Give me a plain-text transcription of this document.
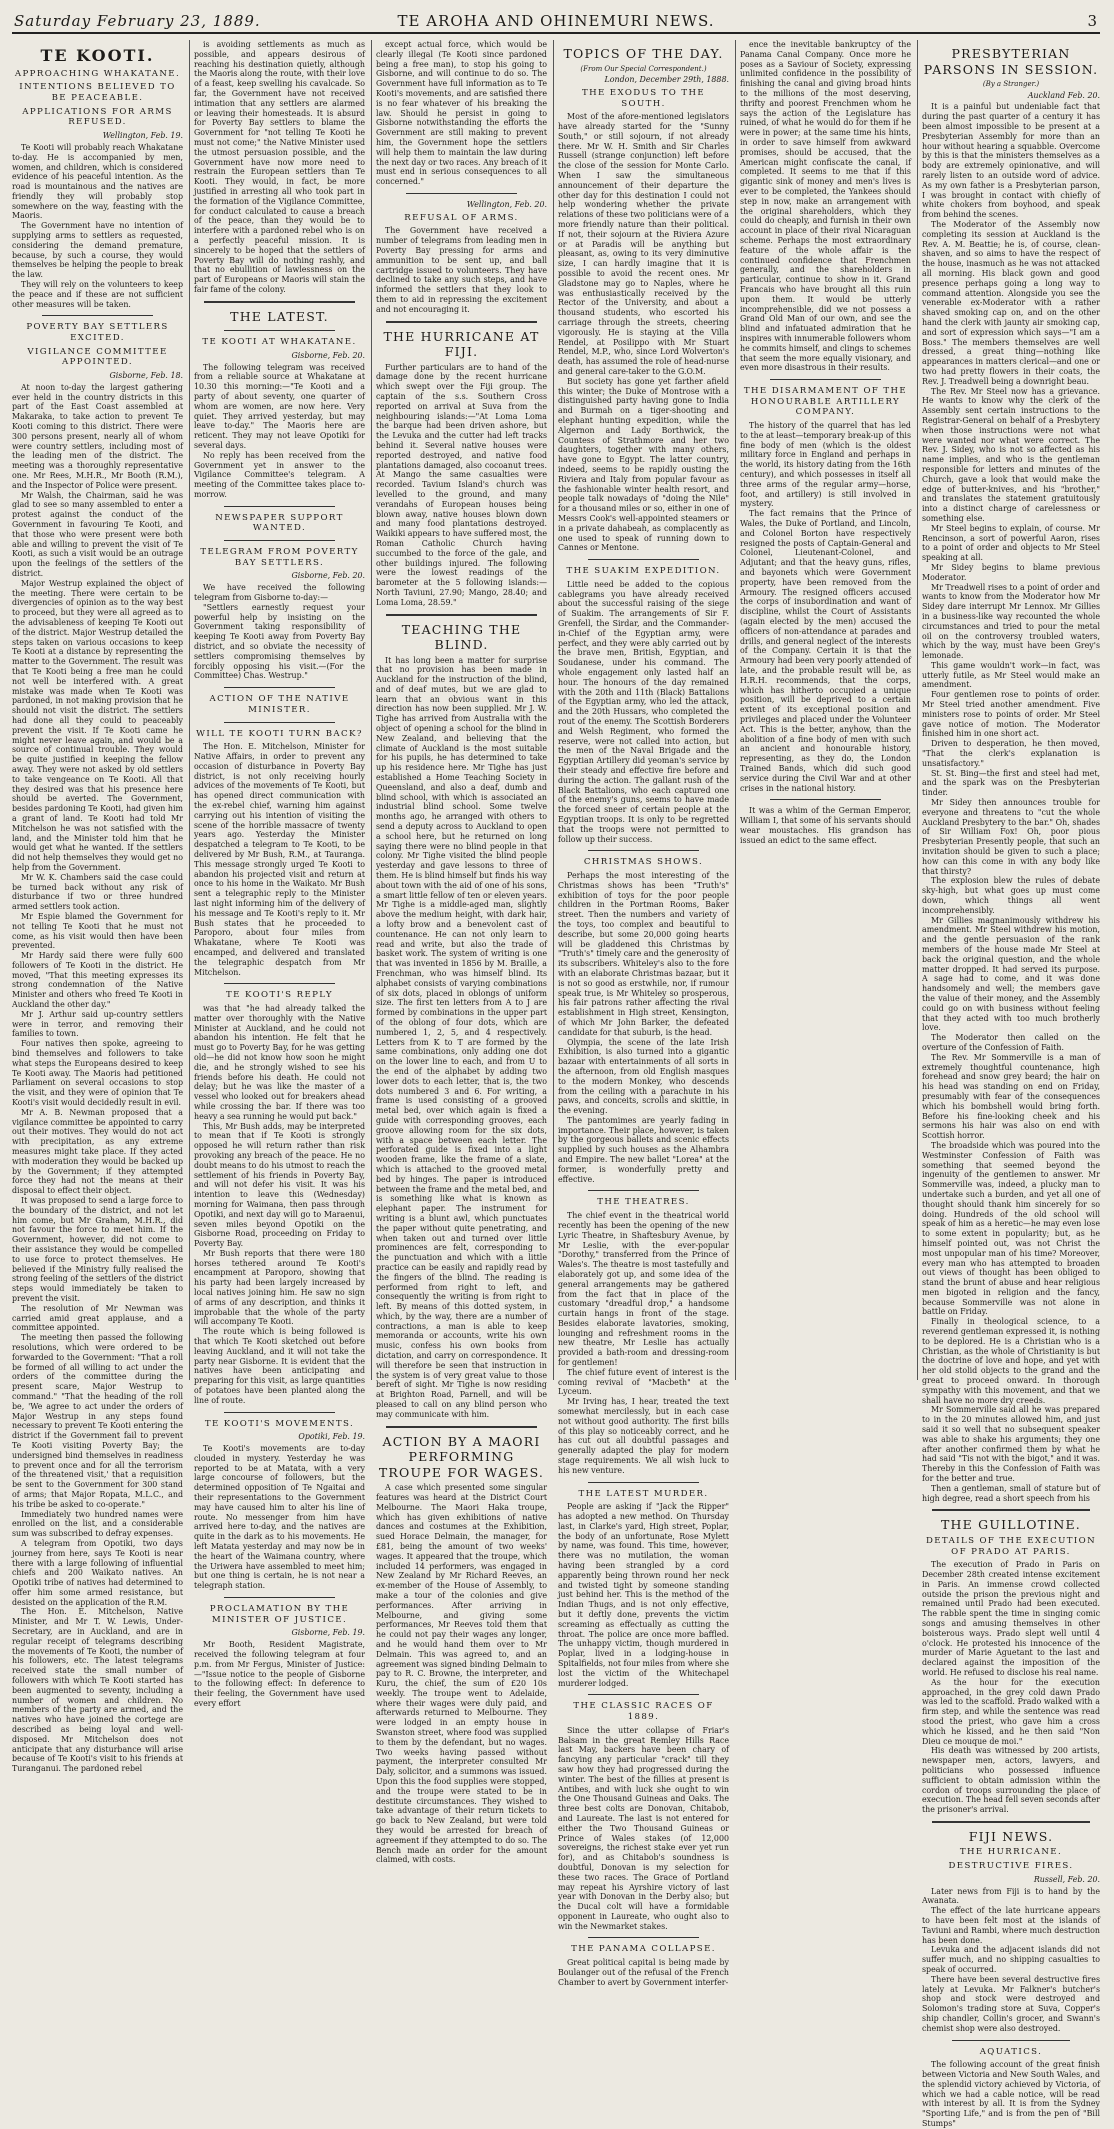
Saturday February 23, 1889.	TE AROHA AND OHINEMURI NEWS.	3

TE KOOTI.

APPROACHING WHAKATANE.

INTENTIONS BELIEVED TO BE PEACEABLE.

APPLICATIONS FOR ARMS REFUSED.

Wellington, Feb. 19.

Te Kooti will probably reach Whakatane to-day. He is accompanied by men, women, and children, which is considered evidence of his peaceful intention. As the road is mountainous and the natives are friendly they will probably stop somewhere on the way, feasting with the Maoris.

The Government have no intention of supplying arms to settlers as requested, considering the demand premature, because, by such a course, they would themselves be helping the people to break the law.

They will rely on the volunteers to keep the peace and if these are not sufficient other measures will be taken.

POVERTY BAY SETTLERS EXCITED.

VIGILANCE COMMITTEE APPOINTED.

Gisborne, Feb. 18.

At noon to-day the largest gathering ever held in the country districts in this part of the East Coast assembled at Makaraka, to take action to prevent Te Kooti coming to this district. There were 300 persons present, nearly all of whom were country settlers, including most of the leading men of the district. The meeting was a thoroughly representative one. Mr Rees, M.H.R., Mr Booth (R.M.), and the Inspector of Police were present.

Mr Walsh, the Chairman, said he was glad to see so many assembled to enter a protest against the conduct of the Government in favouring Te Kooti, and that those who were present were both able and willing to prevent the visit of Te Kooti, as such a visit would be an outrage upon the feelings of the settlers of the district.

Major Westrup explained the object of the meeting. There were certain to be divergencies of opinion as to the way best to proceed, but they were all agreed as to the advisableness of keeping Te Kooti out of the district. Major Westrup detailed the steps taken on various occasions to keep Te Kooti at a distance by representing the matter to the Government. The result was that Te Kooti being a free man he could not well be interfered with. A great mistake was made when Te Kooti was pardoned, in not making provision that he should not visit the district. The settlers had done all they could to peaceably prevent the visit. If Te Kooti came he might never leave again, and would be a source of continual trouble. They would be quite justified in keeping the fellow away. They were not asked by old settlers to take vengeance on Te Kooti. All that they desired was that his presence here should be averted. The Government, besides pardoning Te Kooti, had given him a grant of land. Te Kooti had told Mr Mitchelson he was not satisfied with the land, and the Minister told him that he would get what he wanted. If the settlers did not help themselves they would get no help from the Government.

Mr W. K. Chambers said the case could be turned back without any risk of disturbance if two or three hundred armed settlers took action.

Mr Espie blamed the Government for not telling Te Kooti that he must not come, as his visit would then have been prevented.

Mr Hardy said there were fully 600 followers of Te Kooti in the district. He moved, "That this meeting expresses its strong condemnation of the Native Minister and others who freed Te Kooti in Auckland the other day."

Mr J. Arthur said up-country settlers were in terror, and removing their families to town.

Four natives then spoke, agreeing to bind themselves and followers to take what steps the Europeans desired to keep Te Kooti away. The Maoris had petitioned Parliament on several occasions to stop the visit, and they were of opinion that Te Kooti's visit would decidedly result in evil.

Mr A. B. Newman proposed that a vigilance committee be appointed to carry out their motives. They would do not act with precipitation, as any extreme measures might take place. If they acted with moderation they would be backed up by the Government; if they attempted force they had not the means at their disposal to effect their object.

It was proposed to send a large force to the boundary of the district, and not let him come, but Mr Graham, M.H.R., did not favour the force to meet him. If the Government, however, did not come to their assistance they would be compelled to use force to protect themselves. He believed if the Ministry fully realised the strong feeling of the settlers of the district steps would immediately be taken to prevent the visit.

The resolution of Mr Newman was carried amid great applause, and a committee appointed.

The meeting then passed the following resolutions, which were ordered to be forwarded to the Government: "That a roll be formed of all willing to act under the orders of the committee during the present scare, Major Westrup to command." "That the heading of the roll be, 'We agree to act under the orders of Major Westrup in any steps found necessary to prevent Te Kooti entering the district if the Government fail to prevent Te Kooti visiting Poverty Bay; the undersigned bind themselves in readiness to prevent once and for all the terrorism of the threatened visit,' that a requisition be sent to the Government for 300 stand of arms; that Major Ropata, M.L.C., and his tribe be asked to co-operate."

Immediately two hundred names were enrolled on the list, and a considerable sum was subscribed to defray expenses.

A telegram from Opotiki, two days journey from here, says Te Kooti is near there with a large following of influential chiefs and 200 Waikato natives. An Opotiki tribe of natives had determined to offer him some armed resistance, but desisted on the application of the R.M.

The Hon. E. Mitchelson, Native Minister, and Mr T. W. Lewis, Under-Secretary, are in Auckland, and are in regular receipt of telegrams describing the movements of Te Kooti, the number of his followers, etc. The latest telegrams received state the small number of followers with which Te Kooti started has been augmented to seventy, including a number of women and children. No members of the party are armed, and the natives who have joined the cortege are described as being loyal and well-disposed. Mr Mitchelson does not anticipate that any disturbance will arise because of Te Kooti's visit to his friends at Turanganui. The pardoned rebel

is avoiding settlements as much as possible, and appears desirous of reaching his destination quietly, although the Maoris along the route, with their love of a feast, keep swelling his cavalcade. So far, the Government have not received intimation that any settlers are alarmed or leaving their homesteads. It is absurd for Poverty Bay settlers to blame the Government for "not telling Te Kooti he must not come;" the Native Minister used the utmost persuasion possible, and the Government have now more need to restrain the European settlers than Te Kooti. They would, in fact, be more justified in arresting all who took part in the formation of the Vigilance Committee, for conduct calculated to cause a breach of the peace, than they would be to interfere with a pardoned rebel who is on a perfectly peaceful mission. It is sincerely to be hoped that the settlers of Poverty Bay will do nothing rashly, and that no ebullition of lawlessness on the part of Europeans or Maoris will stain the fair fame of the colony.

THE LATEST.

TE KOOTI AT WHAKATANE.

Gisborne, Feb. 20.

The following telegram was received from a reliable source at Whakatane at 10.30 this morning:—"Te Kooti and a party of about seventy, one quarter of whom are women, are now here. Very quiet. They arrived yesterday, but may leave to-day." The Maoris here are reticent. They may not leave Opotiki for several days.

No reply has been received from the Government yet in answer to the Vigilance Committee's telegram. A meeting of the Committee takes place to-morrow.

NEWSPAPER SUPPORT WANTED.

TELEGRAM FROM POVERTY BAY SETTLERS.

Gisborne, Feb. 20.

We have received the following telegram from Gisborne to-day:—

"Settlers earnestly request your powerful help by insisting on the Government taking responsibility of keeping Te Kooti away from Poverty Bay district, and so obviate the necessity of settlers compromising themselves by forcibly opposing his visit.—(For the Committee) Chas. Westrup."

ACTION OF THE NATIVE MINISTER.

WILL TE KOOTI TURN BACK?

The Hon. E. Mitchelson, Minister for Native Affairs, in order to prevent any occasion of disturbance in Poverty Bay district, is not only receiving hourly advices of the movements of Te Kooti, but has opened direct communication with the ex-rebel chief, warning him against carrying out his intention of visiting the scene of the horrible massacre of twenty years ago. Yesterday the Minister despatched a telegram to Te Kooti, to be delivered by Mr Bush, R.M., at Tauranga. This message strongly urged Te Kooti to abandon his projected visit and return at once to his home in the Waikato. Mr Bush sent a telegraphic reply to the Minister last night informing him of the delivery of his message and Te Kooti's reply to it. Mr Bush states that he proceeded to Paroporo, about four miles from Whakatane, where Te Kooti was encamped, and delivered and translated the telegraphic despatch from Mr Mitchelson.

TE KOOTI'S REPLY

was that "he had already talked the matter over thoroughly with the Native Minister at Auckland, and he could not abandon his intention. He felt that he must go to Poverty Bay, for he was getting old—he did not know how soon he might die, and he strongly wished to see his friends before his death. He could not delay; but he was like the master of a vessel who looked out for breakers ahead while crossing the bar. If there was too heavy a sea running he would put back."

This, Mr Bush adds, may be interpreted to mean that if Te Kooti is strongly opposed he will return rather than risk provoking any breach of the peace. He no doubt means to do his utmost to reach the settlement of his friends in Poverty Bay, and will not defer his visit. It was his intention to leave this (Wednesday) morning for Waimana, then pass through Opotiki, and next day will go to Maraenui, seven miles beyond Opotiki on the Gisborne Road, proceeding on Friday to Poverty Bay.

Mr Bush reports that there were 180 horses tethered around Te Kooti's encampment at Paroporo, showing that his party had been largely increased by local natives joining him. He saw no sign of arms of any description, and thinks it improbable that the whole of the party will accompany Te Kooti.

The route which is being followed is that which Te Kooti sketched out before leaving Auckland, and it will not take the party near Gisborne. It is evident that the natives have been anticipating and preparing for this visit, as large quantities of potatoes have been planted along the line of route.

TE KOOTI'S MOVEMENTS.

Opotiki, Feb. 19.

Te Kooti's movements are to-day clouded in mystery. Yesterday he was reported to be at Matata, with a very large concourse of followers, but the determined opposition of Te Ngaitai and their representations to the Government may have caused him to alter his line of route. No messenger from him have arrived here to-day, and the natives are quite in the dark as to his movements. He left Matata yesterday and may now be in the heart of the Waimana country, where the Uriwera have assembled to meet him; but one thing is certain, he is not near a telegraph station.

PROCLAMATION BY THE MINISTER OF JUSTICE.

Gisborne, Feb. 19.

Mr Booth, Resident Magistrate, received the following telegram at four p.m. from Mr Fergus, Minister of Justice:—"Issue notice to the people of Gisborne to the following effect: In deference to their feeling, the Government have used every effort

except actual force, which would be clearly illegal (Te Kooti since pardoned being a free man), to stop his going to Gisborne, and will continue to do so. The Government have full information as to Te Kooti's movements, and are satisfied there is no fear whatever of his breaking the law. Should he persist in going to Gisborne notwithstanding the efforts the Government are still making to prevent him, the Government hope the settlers will help them to maintain the law during the next day or two races. Any breach of it must end in serious consequences to all concerned."

Wellington, Feb. 20.

REFUSAL OF ARMS.

The Government have received a number of telegrams from leading men in Poverty Bay pressing for arms and ammunition to be sent up, and ball cartridge issued to volunteers. They have declined to take any such steps, and have informed the settlers that they look to them to aid in repressing the excitement and not encouraging it.

THE HURRICANE AT FIJI.

Further particulars are to hand of the damage done by the recent hurricane which swept over the Fiji group. The captain of the s.s. Southern Cross reported on arrival at Suva from the neighbouring islands:—"At Loma Loma the barque had been driven ashore, but the Levuka and the cutter had left tracks behind it. Several native houses were reported destroyed, and native food plantations damaged, also cocoanut trees. At Mango the same casualties were recorded. Tavium Island's church was levelled to the ground, and many verandahs of European houses being blown away, native houses blown down and many food plantations destroyed. Waikiki appears to have suffered most, the Roman Catholic Church having succumbed to the force of the gale, and other buildings injured. The following were the lowest readings of the barometer at the 5 following islands:—North Taviuni, 27.90; Mango, 28.40; and Loma Loma, 28.59."

TEACHING THE BLIND.

It has long been a matter for surprise that no provision has been made in Auckland for the instruction of the blind, and of deaf mutes, but we are glad to learn that an obvious want in this direction has now been supplied. Mr J. W. Tighe has arrived from Australia with the object of opening a school for the blind in New Zealand, and believing that the climate of Auckland is the most suitable for his pupils, he has determined to take up his residence here. Mr Tighe has just established a Home Teaching Society in Queensland, and also a deaf, dumb and blind school, with which is associated an industrial blind school. Some twelve months ago, he arranged with others to send a deputy across to Auckland to open a school here, but he returned on long saying there were no blind people in that colony. Mr Tighe visited the blind people yesterday and gave lessons to three of them. He is blind himself but finds his way about town with the aid of one of his sons, a smart little fellow of ten or eleven years. Mr Tighe is a middle-aged man, slightly above the medium height, with dark hair, a lofty brow and a benevolent cast of countenance. He can not only learn to read and write, but also the trade of basket work. The system of writing is one that was invented in 1856 by M. Braille, a Frenchman, who was himself blind. Its alphabet consists of varying combinations of six dots, placed in oblongs of uniform size. The first ten letters from A to J are formed by combinations in the upper part of the oblong of four dots, which are numbered 1, 2, 5, and 4 respectively. Letters from K to T are formed by the same combinations, only adding one dot on the lower line to each, and from U to the end of the alphabet by adding two lower dots to each letter, that is, the two dots numbered 3 and 6. For writing, a frame is used consisting of a grooved metal bed, over which again is fixed a guide with corresponding grooves, each groove allowing room for the six dots, with a space between each letter. The perforated guide is fixed into a light wooden frame, like the frame of a slate, which is attached to the grooved metal bed by hinges. The paper is introduced between the frame and the metal bed, and is something like what is known as elephant paper. The instrument for writing is a blunt awl, which punctuates the paper without quite penetrating, and when taken out and turned over little prominences are felt, corresponding to the punctuation and which with a little practice can be easily and rapidly read by the fingers of the blind. The reading is performed from right to left, and consequently the writing is from right to left. By means of this dotted system, in which, by the way, there are a number of contractions, a man is able to keep memoranda or accounts, write his own music, confess his own books from dictation, and carry on correspondence. It will therefore be seen that instruction in the system is of very great value to those bereft of sight. Mr Tighe is now residing at Brighton Road, Parnell, and will be pleased to call on any blind person who may communicate with him.

ACTION BY A MAORI PERFORMING TROUPE FOR WAGES.

A case which presented some singular features was heard at the District Court Melbourne. The Maori Haka troupe, which has given exhibitions of native dances and costumes at the Exhibition, sued Horace Delmain, the manager, for £81, being the amount of two weeks' wages. It appeared that the troupe, which included 14 performers, was engaged in New Zealand by Mr Richard Reeves, an ex-member of the House of Assembly, to make a tour of the colonies and give performances. After arriving in Melbourne, and giving some performances, Mr Reeves told them that he could not pay their wages any longer, and he would hand them over to Mr Delmain. This was agreed to, and an agreement was signed binding Delmain to pay to R. C. Browne, the interpreter, and Kuru, the chief, the sum of £20 10s weekly. The troupe went to Adelaide, where their wages were duly paid, and afterwards returned to Melbourne. They were lodged in an empty house in Swanston street, where food was supplied to them by the defendant, but no wages. Two weeks having passed without payment, the interpreter consulted Mr Daly, solicitor, and a summons was issued. Upon this the food supplies were stopped, and the troupe were stated to be in destitute circumstances. They wished to take advantage of their return tickets to go back to New Zealand, but were told they would be arrested for breach of agreement if they attempted to do so. The Bench made an order for the amount claimed, with costs.

TOPICS OF THE DAY.

(From Our Special Correspondent.)

London, December 29th, 1888.

THE EXODUS TO THE SOUTH.

Most of the afore-mentioned legislators have already started for the "Sunny South," or still sojourn, if not already there. Mr W. H. Smith and Sir Charles Russell (strange conjunction) left before the close of the session for Monte Carlo. When I saw the simultaneous announcement of their departure the other day for this destination I could not help wondering whether the private relations of these two politicians were of a more friendly nature than their political. If not, their sojourn at the Riviera Azure or at Paradis will be anything but pleasant, as, owing to its very diminutive size, I can hardly imagine that it is possible to avoid the recent ones. Mr Gladstone may go to Naples, where he was enthusiastically received by the Rector of the University, and about a thousand students, who escorted his carriage through the streets, cheering vigorously. He is staying at the Villa Rendel, at Posilippo with Mr Stuart Rendel, M.P., who, since Lord Wolverton's death, has assumed the role of head-nurse and general care-taker to the G.O.M.

But society has gone yet farther afield this winter; the Duke of Montrose with a distinguished party having gone to India and Burmah on a tiger-shooting and elephant hunting expedition, while the Algernon and Lady Borthwick, the Countess of Strathmore and her two daughters, together with many others, have gone to Egypt. The latter country, indeed, seems to be rapidly ousting the Riviera and Italy from popular favour as the fashionable winter health resort, and people talk nowadays of "doing the Nile" for a thousand miles or so, either in one of Messrs Cook's well-appointed steamers or in a private dahabeah, as complacently as one used to speak of running down to Cannes or Mentone.

THE SUAKIM EXPEDITION.

Little need be added to the copious cablegrams you have already received about the successful raising of the siege of Suakim. The arrangements of Sir F. Grenfell, the Sirdar, and the Commander-in-Chief of the Egyptian army, were perfect, and they were ably carried out by the brave men, British, Egyptian, and Soudanese, under his command. The whole engagement only lasted half an hour. The honours of the day remained with the 20th and 11th (Black) Battalions of the Egyptian army, who led the attack, and the 20th Hussars, who completed the rout of the enemy. The Scottish Borderers and Welsh Regiment, who formed the reserve, were not called into action, but the men of the Naval Brigade and the Egyptian Artillery did yeoman's service by their steady and effective fire before and during the action. The gallant rush of the Black Battalions, who each captured one of the enemy's guns, seems to have made the forced sneer of certain people at the Egyptian troops. It is only to be regretted that the troops were not permitted to follow up their success.

CHRISTMAS SHOWS.

Perhaps the most interesting of the Christmas shows has been "Truth's" exhibition of toys for the poor people children in the Portman Rooms, Baker street. Then the numbers and variety of the toys, too complex and beautiful to describe, but some 20,000 going hearts will be gladdened this Christmas by "Truth's" timely care and the generosity of its subscribers. Whiteley's also to the fore with an elaborate Christmas bazaar, but it is not so good as erstwhile, nor, if rumour speak true, is Mr Whiteley so prosperous, his fair patrons rather affecting the rival establishment in High street, Kensington, of which Mr John Barker, the defeated candidate for that suburb, is the head.

Olympia, the scene of the late Irish Exhibition, is also turned into a gigantic bazaar with entertainments of all sorts in the afternoon, from old English masques to the modern Monkey, who descends from the ceiling with a parachute in his paws, and conceits, scrolls and skittle, in the evening.

The pantomimes are yearly fading in importance. Their place, however, is taken by the gorgeous ballets and scenic effects supplied by such houses as the Alhambra and Empire. The new ballet "Lorea" at the former, is wonderfully pretty and effective.

THE THEATRES.

The chief event in the theatrical world recently has been the opening of the new Lyric Theatre, in Shaftesbury Avenue, by Mr Leslie, with the ever-popular "Dorothy," transferred from the Prince of Wales's. The theatre is most tastefully and elaborately got up, and some idea of the general arrangements may be gathered from the fact that in place of the customary "dreadful drop," a handsome curtain hangs in front of the stage. Besides elaborate lavatories, smoking, lounging and refreshment rooms in the new theatre, Mr Leslie has actually provided a bath-room and dressing-room for gentlemen!

The chief future event of interest is the coming revival of "Macbeth" at the Lyceum.

Mr Irving has, I hear, treated the text somewhat mercilessly, but in each case not without good authority. The first bills of this play so noticeably correct, and he has cut out all doubtful passages and generally adapted the play for modern stage requirements. We all wish luck to his new venture.

THE LATEST MURDER.

People are asking if "Jack the Ripper" has adopted a new method. On Thursday last, in Clarke's yard, High street, Poplar, the body of an unfortunate, Rose Mylett by name, was found. This time, however, there was no mutilation, the woman having been strangled by a cord apparently being thrown round her neck and twisted tight by someone standing just behind her. This is the method of the Indian Thugs, and is not only effective, but it deftly done, prevents the victim screaming as effectually as cutting the throat. The police are once more baffled. The unhappy victim, though murdered in Poplar, lived in a lodging-house in Spitalfields, not four miles from where she lost the victim of the Whitechapel murderer lodged.

THE CLASSIC RACES OF 1889.

Since the utter collapse of Friar's Balsam in the great Remley Hills Race last May, backers have been chary of fancying any particular "crack" till they saw how they had progressed during the winter. The best of the fillies at present is Antibes, and with luck she ought to win the One Thousand Guineas and Oaks. The three best colts are Donovan, Chitabob, and Laureate. The last is not entered for either the Two Thousand Guineas or Prince of Wales stakes (of 12,000 sovereigns, the richest stake ever yet run for), and as Chitabob's soundness is doubtful, Donovan is my selection for these two races. The Grace of Portland may repeat his Ayrshire victory of last year with Donovan in the Derby also; but the Ducal colt will have a formidable opponent in Laureate, who ought also to win the Newmarket stakes.

THE PANAMA COLLAPSE.

Great political capital is being made by Boulanger out of the refusal of the French Chamber to avert by Government interfer-

ence the inevitable bankruptcy of the Panama Canal Company. Once more he poses as a Saviour of Society, expressing unlimited confidence in the possibility of finishing the canal and giving broad hints to the millions of the most deserving, thrifty and poorest Frenchmen whom he says the action of the Legislature has ruined, of what he would do for them if he were in power; at the same time his hints, in order to save himself from awkward promises, should be accused, that the American might confiscate the canal, if completed. It seems to me that if this gigantic sink of money and men's lives is ever to be completed, the Yankees should step in now, make an arrangement with the original shareholders, which they could do cheaply, and furnish in their own account in place of their rival Nicaraguan scheme. Perhaps the most extraordinary feature of the whole affair is the continued confidence that Frenchmen generally, and the shareholders in particular, continue to show in it. Grand Francais who have brought all this ruin upon them. It would be utterly incomprehensible, did we not possess a Grand Old Man of our own, and see the blind and infatuated admiration that he inspires with innumerable followers whom he commits himself, and clings to schemes that seem the more equally visionary, and even more disastrous in their results.

THE DISARMAMENT OF THE HONOURABLE ARTILLERY COMPANY.

The history of the quarrel that has led to the at least—temporary break-up of this fine body of men (which is the oldest military force in England and perhaps in the world, its history dating from the 16th century), and which possesses in itself all three arms of the regular army—horse, foot, and artillery) is still involved in mystery.

The fact remains that the Prince of Wales, the Duke of Portland, and Lincoln, and Colonel Borton have respectively resigned the posts of Captain-General and Colonel, Lieutenant-Colonel, and Adjutant; and that the heavy guns, rifles, and bayonets which were Government property, have been removed from the Armoury. The resigned officers accused the corps of insubordination and want of discipline, whilst the Court of Assistants (again elected by the men) accused the officers of non-attendance at parades and drills, and general neglect of the interests of the Company. Certain it is that the Armoury had been very poorly attended of late, and the probable result will be, as H.R.H. recommends, that the corps, which has hitherto occupied a unique position, will be deprived to a certain extent of its exceptional position and privileges and placed under the Volunteer Act. This is the better, anyhow, than the abolition of a fine body of men with such an ancient and honourable history, representing, as they do, the London Trained Bands, which did such good service during the Civil War and at other crises in the national history.

It was a whim of the German Emperor, William I, that some of his servants should wear moustaches. His grandson has issued an edict to the same effect.

PRESBYTERIAN PARSONS IN SESSION.

(By a Stranger.)

Auckland Feb. 20.

It is a painful but undeniable fact that during the past quarter of a century it has been almost impossible to be present at a Presbyterian Assembly for more than an hour without hearing a squabble. Overcome by this is that the ministers themselves as a body are extremely opinionative, and will rarely listen to an outside word of advice. As my own father is a Presbyterian parson, I was brought in contact with chiefly of white chokers from boyhood, and speak from behind the scenes.

The Moderator of the Assembly now completing its session at Auckland is the Rev. A. M. Beattie; he is, of course, clean-shaven, and so aims to have the respect of the house, inasmuch as he was not attacked all morning. His black gown and good presence perhaps going a long way to command attention. Alongside you see the venerable ex-Moderator with a rather shaved smoking cap on, and on the other hand the clerk with jaunty air smoking cap, and sort of expression which says—"I am a Boss." The members themselves are well dressed, a great thing—nothing like appearances in matters clerical—and one or two had pretty flowers in their coats, the Rev. J. Treadwell being a downright beau.

The Rev. Mr Steel now has a grievance. He wants to know why the clerk of the Assembly sent certain instructions to the Registrar-General on behalf of a Presbytery when those instructions were not what were wanted nor what were correct. The Rev. J. Sidey, who is not so affected as his name implies, and who is the gentleman responsible for letters and minutes of the Church, gave a look that would make the edge of butter-knives, and his "brother," and translates the statement gratuitously into a distinct charge of carelessness or something else.

Mr Steel begins to explain, of course. Mr Rencinson, a sort of powerful Aaron, rises to a point of order and objects to Mr Steel speaking at all.

Mr Sidey begins to blame previous Moderator.

Mr Treadwell rises to a point of order and wants to know from the Moderator how Mr Sidey dare interrupt Mr Lennox. Mr Gillies in a business-like way recounted the whole circumstances and tried to pour the metal oil on the controversy troubled waters, which by the way, must have been Grey's lemonade.

This game wouldn't work—in fact, was utterly futile, as Mr Steel would make an amendment.

Four gentlemen rose to points of order. Mr Steel tried another amendment. Five ministers rose to points of order. Mr Steel gave notice of motion. The Moderator finished him in one short act.

Driven to desperation, he then moved, "That the clerk's explanation is unsatisfactory."

St. St. Bing—the first and steel had met, and the spark was on the Presbyterian tinder.

Mr Sidey then announces trouble for everyone and threatens to "cut the whole Auckland Presbytery to the bar." Oh, shades of Sir William Fox! Oh, poor pious Presbyterian Presently people, that such an invitation should be given to such a place; how can this come in with any body like that thirsty?

The explosion blew the rules of debate sky-high, but what goes up must come down, which things all went incomprehensibly.

Mr Gillies magnanimously withdrew his amendment. Mr Steel withdrew his motion, and the gentle persuasion of the rank members of the house made Mr Steel at back the original question, and the whole matter dropped. It had served its purpose. A sage had to come, and it was done handsomely and well; the members gave the value of their money, and the Assembly could go on with business without feeling that they acted with too much brotherly love.

The Moderator then called on the overture of the Confession of Faith.

The Rev. Mr Sommerville is a man of extremely thoughtful countenance, high forehead and snow grey beard; the hair on his head was standing on end on Friday, presumably with fear of the consequences which his bombshell would bring forth. Before his fine-looking cheek and his sermons his hair was also on end with Scottish horror.

The broadside which was poured into the Westminster Confession of Faith was something that seemed beyond the ingenuity of the gentlemen to answer. Mr Sommerville was, indeed, a plucky man to undertake such a burden, and yet all one of thought should thank him sincerely for so doing. Hundreds of the old school will speak of him as a heretic—he may even lose to some extent in popularity; but, as he himself pointed out, was not Christ the most unpopular man of his time? Moreover, every man who has attempted to broaden out views of thought has been obliged to stand the brunt of abuse and hear religious men bigoted in religion and the fancy, because Sommerville was not alone in battle on Friday.

Finally in theological science, to a reverend gentleman expressed it, is nothing to be deplored. He is a Christian who is a Christian, as the whole of Christianity is but the doctrine of love and hope, and yet with her old stolid objects to the grand and the great to proceed onward. In thorough sympathy with this movement, and that we shall have no more dry creeds.

Mr Sommerville said all he was prepared to in the 20 minutes allowed him, and just said it so well that no subsequent speaker was able to shake his arguments; they one after another confirmed them by what he had said "Tis not with the bigot," and it was. Thereby in this the Confession of Faith was for the better and true.

Then a gentleman, small of stature but of high degree, read a short speech from his

THE GUILLOTINE.

DETAILS OF THE EXECUTION OF PRADO AT PARIS.

The execution of Prado in Paris on December 28th created intense excitement in Paris. An immense crowd collected outside the prison the previous night and remained until Prado had been executed. The rabble spent the time in singing comic songs and amusing themselves in other boisterous ways. Prado slept well until 4 o'clock. He protested his innocence of the murder of Marie Aguetant to the last and declared against the imposition of the world. He refused to disclose his real name.

As the hour for the execution approached, in the grey cold dawn Prado was led to the scaffold. Prado walked with a firm step, and while the sentence was read stood the priest, who gave him a cross which he kissed, and he then said "Non Dieu ce mouque de moi."

His death was witnessed by 200 artists, newspaper men, actors, lawyers, and politicians who possessed influence sufficient to obtain admission within the cordon of troops surrounding the place of execution. The head fell seven seconds after the prisoner's arrival.

FIJI NEWS.

THE HURRICANE.

DESTRUCTIVE FIRES.

Russell, Feb. 20.

Later news from Fiji is to hand by the Awanata.

The effect of the late hurricane appears to have been felt most at the islands of Taviuni and Rambi, where much destruction has been done.

Levuka and the adjacent islands did not suffer much, and no shipping casualties to speak of occurred.

There have been several destructive fires lately at Levuka. Mr Falkner's butcher's shop and stock were destroyed and Solomon's trading store at Suva, Copper's ship chandler, Collin's grocer, and Swann's chemist shop were also destroyed.

AQUATICS.

The following account of the great finish between Victoria and New South Wales, and the splendid victory achieved by Victoria, of which we had a cable notice, will be read with interest by all. It is from the Sydney "Sporting Life," and is from the pen of "Bill Stumps"
